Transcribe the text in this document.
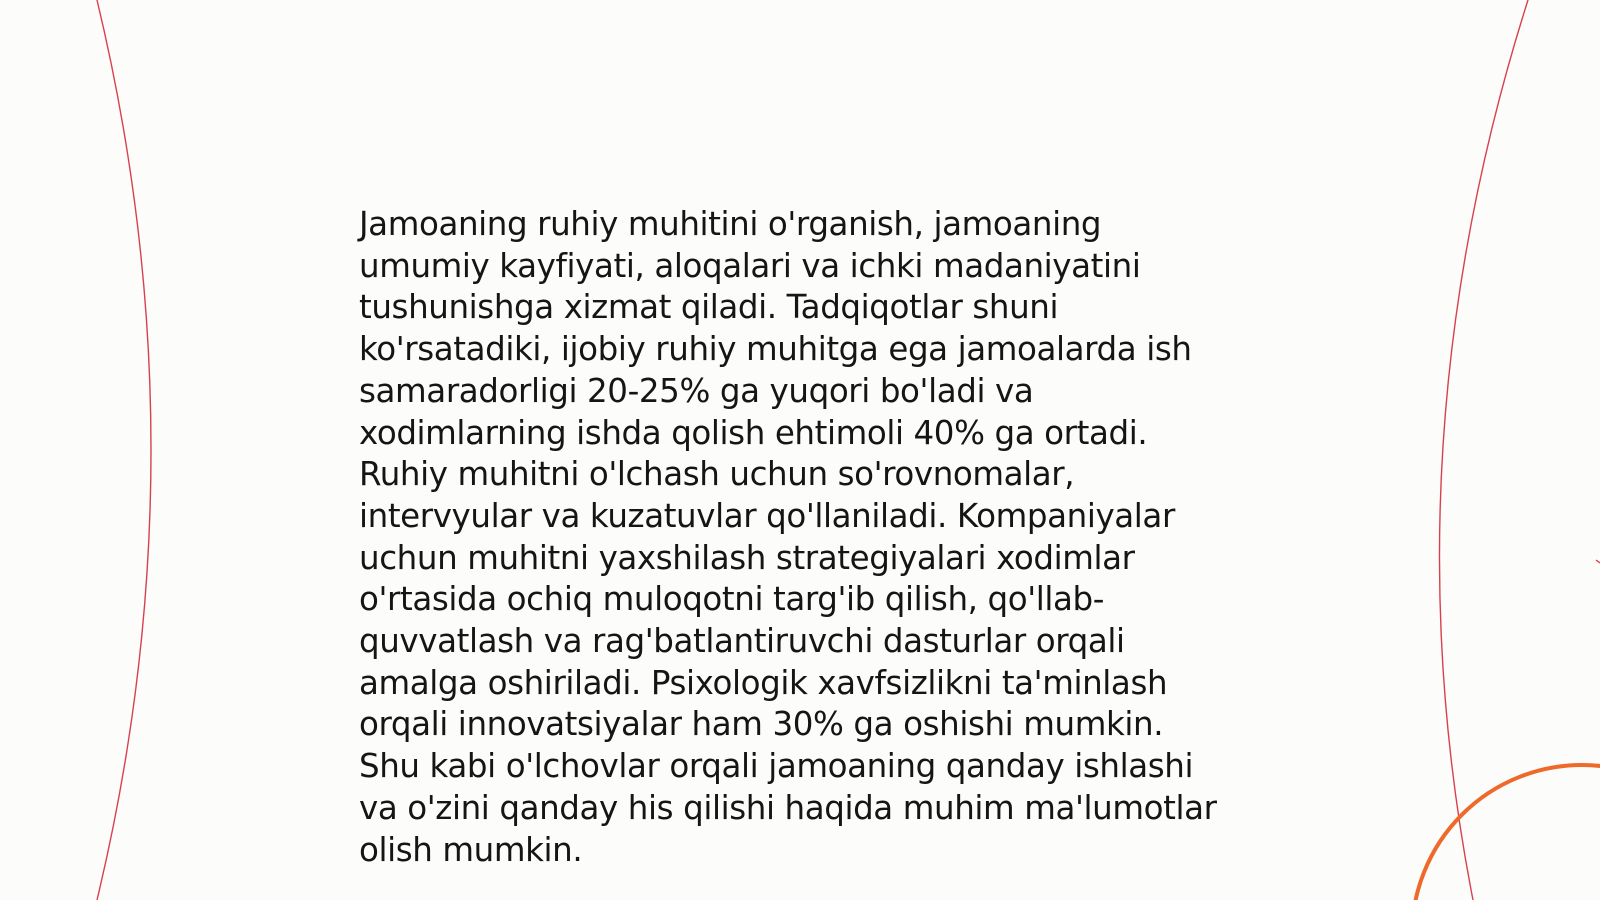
Jamoaning ruhiy muhitini o'rganish, jamoaning
umumiy kayfiyati, aloqalari va ichki madaniyatini
tushunishga xizmat qiladi. Tadqiqotlar shuni
ko'rsatadiki, ijobiy ruhiy muhitga ega jamoalarda ish
samaradorligi 20-25% ga yuqori bo'ladi va
xodimlarning ishda qolish ehtimoli 40% ga ortadi.
Ruhiy muhitni o'lchash uchun so'rovnomalar,
intervyular va kuzatuvlar qo'llaniladi. Kompaniyalar
uchun muhitni yaxshilash strategiyalari xodimlar
o'rtasida ochiq muloqotni targ'ib qilish, qo'llab-
quvvatlash va rag'batlantiruvchi dasturlar orqali
amalga oshiriladi. Psixologik xavfsizlikni ta'minlash
orqali innovatsiyalar ham 30% ga oshishi mumkin.
Shu kabi o'lchovlar orqali jamoaning qanday ishlashi
va o'zini qanday his qilishi haqida muhim ma'lumotlar
olish mumkin.
